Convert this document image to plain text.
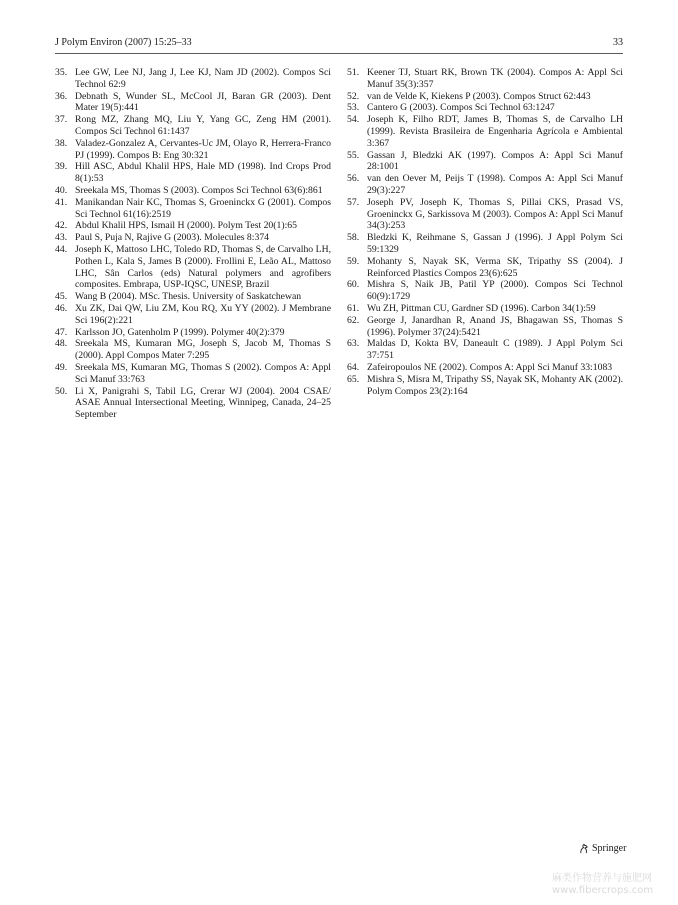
J Polym Environ (2007) 15:25–33	33
35. Lee GW, Lee NJ, Jang J, Lee KJ, Nam JD (2002). Compos Sci Technol 62:9
36. Debnath S, Wunder SL, McCool JI, Baran GR (2003). Dent Mater 19(5):441
37. Rong MZ, Zhang MQ, Liu Y, Yang GC, Zeng HM (2001). Compos Sci Technol 61:1437
38. Valadez-Gonzalez A, Cervantes-Uc JM, Olayo R, Herrera-Franco PJ (1999). Compos B: Eng 30:321
39. Hill ASC, Abdul Khalil HPS, Hale MD (1998). Ind Crops Prod 8(1):53
40. Sreekala MS, Thomas S (2003). Compos Sci Technol 63(6):861
41. Manikandan Nair KC, Thomas S, Groeninckx G (2001). Compos Sci Technol 61(16):2519
42. Abdul Khalil HPS, Ismail H (2000). Polym Test 20(1):65
43. Paul S, Puja N, Rajive G (2003). Molecules 8:374
44. Joseph K, Mattoso LHC, Toledo RD, Thomas S, de Carvalho LH, Pothen L, Kala S, James B (2000). Frollini E, Leão AL, Mattoso LHC, Sân Carlos (eds) Natural polymers and agrofibers composites. Embrapa, USP-IQSC, UNESP, Brazil
45. Wang B (2004). MSc. Thesis. University of Saskatchewan
46. Xu ZK, Dai QW, Liu ZM, Kou RQ, Xu YY (2002). J Membrane Sci 196(2):221
47. Karlsson JO, Gatenholm P (1999). Polymer 40(2):379
48. Sreekala MS, Kumaran MG, Joseph S, Jacob M, Thomas S (2000). Appl Compos Mater 7:295
49. Sreekala MS, Kumaran MG, Thomas S (2002). Compos A: Appl Sci Manuf 33:763
50. Li X, Panigrahi S, Tabil LG, Crerar WJ (2004). 2004 CSAE/ ASAE Annual Intersectional Meeting, Winnipeg, Canada, 24–25 September
51. Keener TJ, Stuart RK, Brown TK (2004). Compos A: Appl Sci Manuf 35(3):357
52. van de Velde K, Kiekens P (2003). Compos Struct 62:443
53. Cantero G (2003). Compos Sci Technol 63:1247
54. Joseph K, Filho RDT, James B, Thomas S, de Carvalho LH (1999). Revista Brasileira de Engenharia Agrícola e Ambiental 3:367
55. Gassan J, Bledzki AK (1997). Compos A: Appl Sci Manuf 28:1001
56. van den Oever M, Peijs T (1998). Compos A: Appl Sci Manuf 29(3):227
57. Joseph PV, Joseph K, Thomas S, Pillai CKS, Prasad VS, Groeninckx G, Sarkissova M (2003). Compos A: Appl Sci Manuf 34(3):253
58. Bledzki K, Reihmane S, Gassan J (1996). J Appl Polym Sci 59:1329
59. Mohanty S, Nayak SK, Verma SK, Tripathy SS (2004). J Reinforced Plastics Compos 23(6):625
60. Mishra S, Naik JB, Patil YP (2000). Compos Sci Technol 60(9):1729
61. Wu ZH, Pittman CU, Gardner SD (1996). Carbon 34(1):59
62. George J, Janardhan R, Anand JS, Bhagawan SS, Thomas S (1996). Polymer 37(24):5421
63. Maldas D, Kokta BV, Daneault C (1989). J Appl Polym Sci 37:751
64. Zafeiropoulos NE (2002). Compos A: Appl Sci Manuf 33:1083
65. Mishra S, Misra M, Tripathy SS, Nayak SK, Mohanty AK (2002). Polym Compos 23(2):164
Springer
麻类作物营养与施肥网
www.fibercrops.com
